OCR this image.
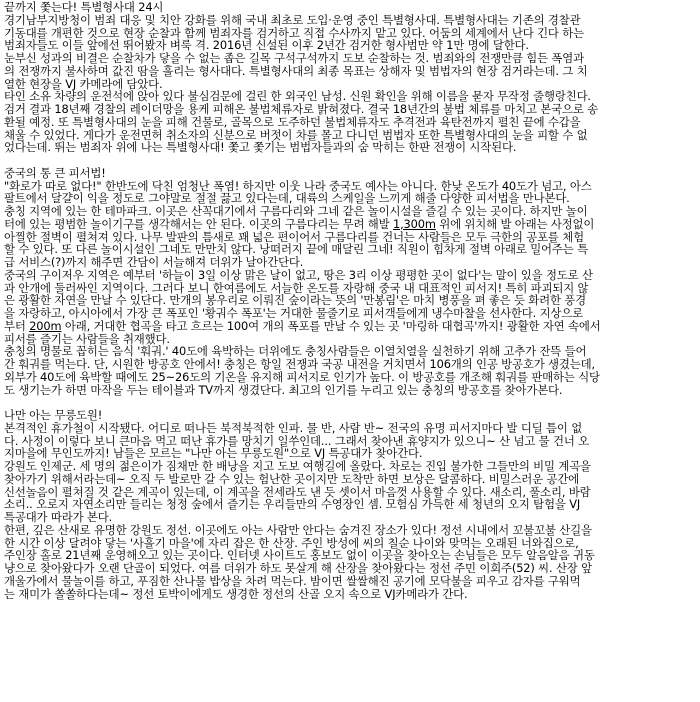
끝까지 쫓는다! 특별형사대 24시
경기남부지방청이 범죄 대응 및 치안 강화를 위해 국내 최초로 도입·운영 중인 특별형사대. 특별형사대는 기존의 경찰관
기동대를 개편한 것으로 현장 순찰과 함께 범죄자를 검거하고 직접 수사까지 맡고 있다. 어둠의 세계에서 난다 긴다 하는
범죄자들도 이들 앞에선 뛰어봤자 벼룩 격. 2016년 신설된 이후 2년간 검거한 형사범만 약 1만 명에 달한다.
눈부신 성과의 비결은 순찰차가 닿을 수 없는 좁은 길목 구석구석까지 도보 순찰하는 것. 범죄와의 전쟁만큼 힘든 폭염과
의 전쟁까지 불사하며 값진 땀을 흘리는 형사대다. 특별형사대의 최종 목표는 상해자 및 범법자의 현장 검거라는데. 그 치
열한 현장을 VJ 카메라에 담았다.
타인 소유 차량의 운전석에 앉아 있다 불심검문에 걸린 한 외국인 남성. 신원 확인을 위해 이름을 묻자 무작정 줄행랑친다.
검거 결과 18년째 경찰의 레이더망을 용케 피해온 불법체류자로 밝혀졌다. 결국 18년간의 불법 체류를 마치고 본국으로 송
환될 예정. 또 특별형사대의 눈을 피해 건물로, 골목으로 도주하던 불법체류자도 추격전과 육탄전까지 펼친 끝에 수갑을
채울 수 있었다. 게다가 운전면허 취소자의 신분으로 버젓이 차를 몰고 다니던 범법자 또한 특별형사대의 눈을 피할 수 없
었다는데. 뛰는 범죄자 위에 나는 특별형사대! 쫓고 쫓기는 범법자들과의 숨 막히는 한판 전쟁이 시작된다.
중국의 통 큰 피서법!
"화로가 따로 없다!" 한반도에 닥친 엄청난 폭염! 하지만 이웃 나라 중국도 예사는 아니다. 한낮 온도가 40도가 넘고, 아스
팔트에서 달걀이 익을 정도로 그야말로 절절 끓고 있다는데, 대륙의 스케일을 느끼게 해줄 다양한 피서법을 만나본다.
충칭 지역에 있는 한 테마파크. 이곳은 산꼭대기에서 구름다리와 그네 같은 놀이시설을 즐길 수 있는 곳이다. 하지만 놀이
터에 있는 평범한 놀이기구를 생각해서는 안 된다. 이곳의 구름다리는 무려 해발 1,300m 위에 위치해 발 아래는 사정없이
아찔한 절벽이 펼쳐져 있다. 나무 발판의 틈새로 꽤 넓은 편이어서 구름다리를 건너는 사람들은 모두 극한의 공포를 체험
할 수 있다. 또 다른 놀이시설인 그네도 만만치 않다. 낭떠러지 끝에 매달린 그네! 직원이 힘차게 절벽 아래로 밀어주는 특
급 서비스(?)까지 해주면 간담이 서늘해져 더위가 날아간단다.
중국의 구이저우 지역은 예부터 '하늘이 3일 이상 맑은 날이 없고, 땅은 3리 이상 평평한 곳이 없다'는 말이 있을 정도로 산
과 안개에 둘러싸인 지역이다. 그러다 보니 한여름에도 서늘한 온도를 자랑해 중국 내 대표적인 피서지! 특히 파괴되지 않
은 광활한 자연을 만날 수 있단다. 만개의 봉우리로 이뤄진 숲이라는 뜻의 '만봉림'은 마치 병풍을 펴 좋은 듯 화려한 풍경
을 자랑하고, 아시아에서 가장 큰 폭포인 '황궈수 폭포'는 거대한 물줄기로 피서객들에게 냉수마찰을 선사한다. 지상으로
부터 200m 아래, 거대한 협곡을 타고 흐르는 100여 개의 폭포를 만날 수 있는 곳 '마링하 대협곡'까지! 광활한 자연 속에서
피서를 즐기는 사람들을 취재했다.
충칭의 명물로 꼽히는 음식 '훠궈.' 40도에 육박하는 더위에도 충칭사람들은 이열치열을 실천하기 위해 고추가 잔뜩 들어
간 훠궈를 먹는다. 단, 시원한 방공호 안에서! 충칭은 항일 전쟁과 국공 내전을 거치면서 106개의 인공 방공호가 생겼는데,
외부가 40도에 육박할 때에도 25~26도의 기온을 유지해 피서지로 인기가 높다. 이 방공호를 개조해 훠궈를 판매하는 식당
도 생기는가 하면 마작을 두는 테이블과 TV까지 생겼단다. 최고의 인기를 누리고 있는 충칭의 방공호를 찾아가본다.
나만 아는 무릉도원!
본격적인 휴가철이 시작됐다. 어디로 떠나든 북적북적한 인파. 물 반, 사람 반~ 전국의 유명 피서지마다 발 디딜 틈이 없
다. 사정이 이렇다 보니 큰마음 먹고 떠난 휴가를 망치기 일쑤인데... 그래서 찾아낸 휴양지가 있으니~ 산 넘고 물 건너 오
지마을에 무인도까지! 남들은 모르는 "나만 아는 무릉도원"으로 VJ 특공대가 찾아간다.
강원도 인제군. 세 명의 젊은이가 짐채만 한 배낭을 지고 도보 여행길에 올랐다. 차로는 진입 불가한 그들만의 비밀 계곡을
찾아가기 위해서라는데~ 오직 두 발로만 갈 수 있는 험난한 곳이지만 도착만 하면 보상은 달콤하다. 비밀스러운 공간에
신선놀음이 펼쳐질 것 같은 계곡이 있는데, 이 계곡을 전세라도 낸 듯 셋이서 마음껏 사용할 수 있다. 새소리, 풀소리, 바람
소리.. 오로지 자연소리만 들리는 청정 숲에서 즐기는 우리들만의 수영장인 셈. 모험심 가득한 세 청년의 오지 탐험을 VJ
특공대가 따라가 본다.
한편, 깊은 산새로 유명한 강원도 정선. 이곳에도 아는 사람만 안다는 숨겨진 장소가 있다! 정선 시내에서 꼬불꼬불 산길을
한 시간 이상 달려야 닿는 '사흘기 마을'에 자리 잡은 한 산장. 주인 방성에 씨의 칠순 나이와 맞먹는 오래된 너와집으로,
주인장 홀로 21년째 운영해오고 있는 곳이다. 인터넷 사이트도 홍보도 없이 이곳을 찾아오는 손님들은 모두 알음알음 귀동
냥으로 찾아왔다가 오랜 단골이 되었다. 여름 더위가 하도 못살게 해 산장을 찾아왔다는 정선 주민 이희주(52) 씨. 산장 앞
개울가에서 물놀이를 하고, 푸짐한 산나물 밥상을 차려 먹는다. 밤이면 쌀쌀해진 공기에 모닥불을 피우고 감자를 구워먹
는 재미가 쏠쏠하다는데~ 정선 토박이에게도 생경한 정선의 산골 오지 속으로 VJ카메라가 간다.
